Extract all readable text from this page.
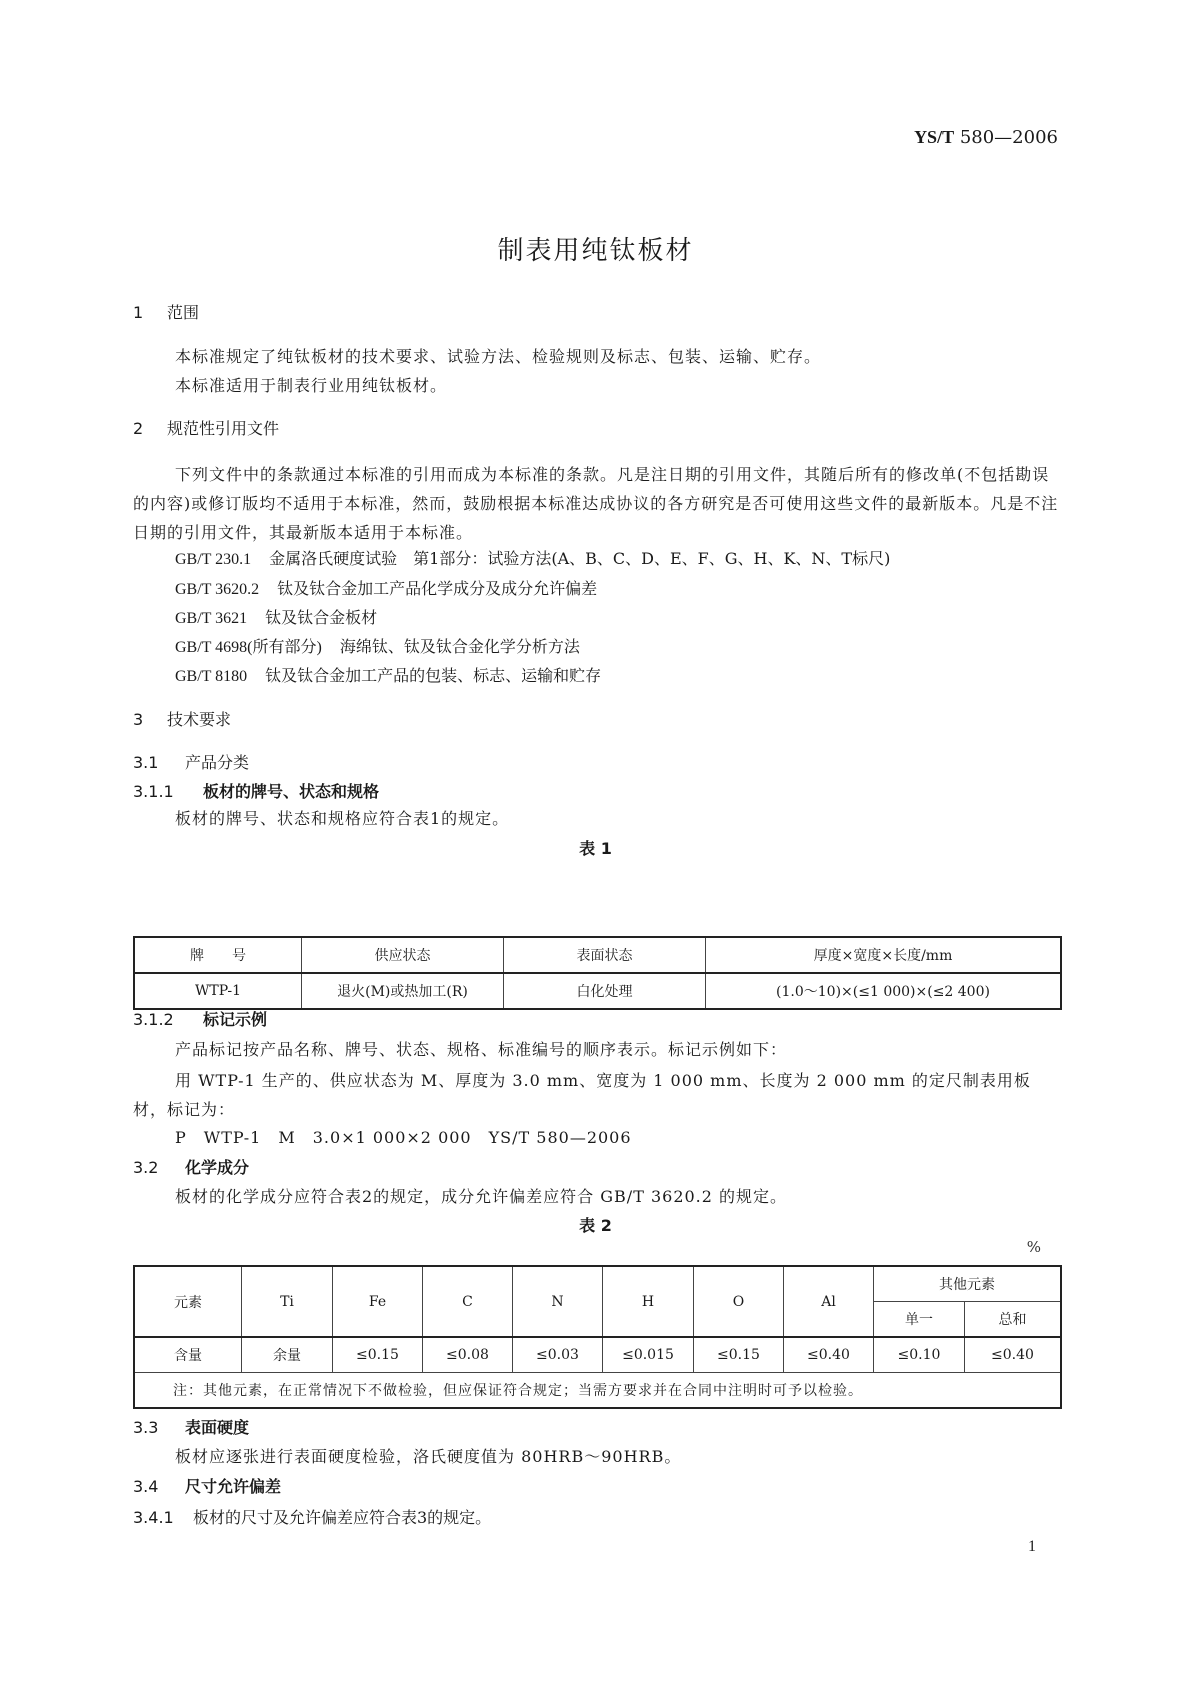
YS/T 580—2006
制表用纯钛板材
1 范围
本标准规定了纯钛板材的技术要求、试验方法、检验规则及标志、包装、运输、贮存。
本标准适用于制表行业用纯钛板材。
2 规范性引用文件
下列文件中的条款通过本标准的引用而成为本标准的条款。凡是注日期的引用文件，其随后所有的修改单(不包括勘误的内容)或修订版均不适用于本标准，然而，鼓励根据本标准达成协议的各方研究是否可使用这些文件的最新版本。凡是不注日期的引用文件，其最新版本适用于本标准。
GB/T 230.1 金属洛氏硬度试验　第1部分：试验方法(A、B、C、D、E、F、G、H、K、N、T标尺)
GB/T 3620.2 钛及钛合金加工产品化学成分及成分允许偏差
GB/T 3621 钛及钛合金板材
GB/T 4698(所有部分) 海绵钛、钛及钛合金化学分析方法
GB/T 8180 钛及钛合金加工产品的包装、标志、运输和贮存
3 技术要求
3.1 产品分类
3.1.1 板材的牌号、状态和规格
板材的牌号、状态和规格应符合表1的规定。
表 1
牌　　号	供应状态	表面状态	厚度×宽度×长度/mm
WTP-1	退火(M)或热加工(R)	白化处理	(1.0～10)×(≤1 000)×(≤2 400)
3.1.2 标记示例
产品标记按产品名称、牌号、状态、规格、标准编号的顺序表示。标记示例如下：
用 WTP-1 生产的、供应状态为 M、厚度为 3.0 mm、宽度为 1 000 mm、长度为 2 000 mm 的定尺制表用板材，标记为：
P　WTP-1　M　3.0×1 000×2 000　YS/T 580—2006
3.2 化学成分
板材的化学成分应符合表2的规定，成分允许偏差应符合 GB/T 3620.2 的规定。
表 2
%
元素	Ti	Fe	C	N	H	O	Al	其他元素	
								单一	总和
含量	余量	≤0.15	≤0.08	≤0.03	≤0.015	≤0.15	≤0.40	≤0.10	≤0.40
注：其他元素，在正常情况下不做检验，但应保证符合规定；当需方要求并在合同中注明时可予以检验。									
3.3 表面硬度
板材应逐张进行表面硬度检验，洛氏硬度值为 80HRB～90HRB。
3.4 尺寸允许偏差
3.4.1 板材的尺寸及允许偏差应符合表3的规定。
1
